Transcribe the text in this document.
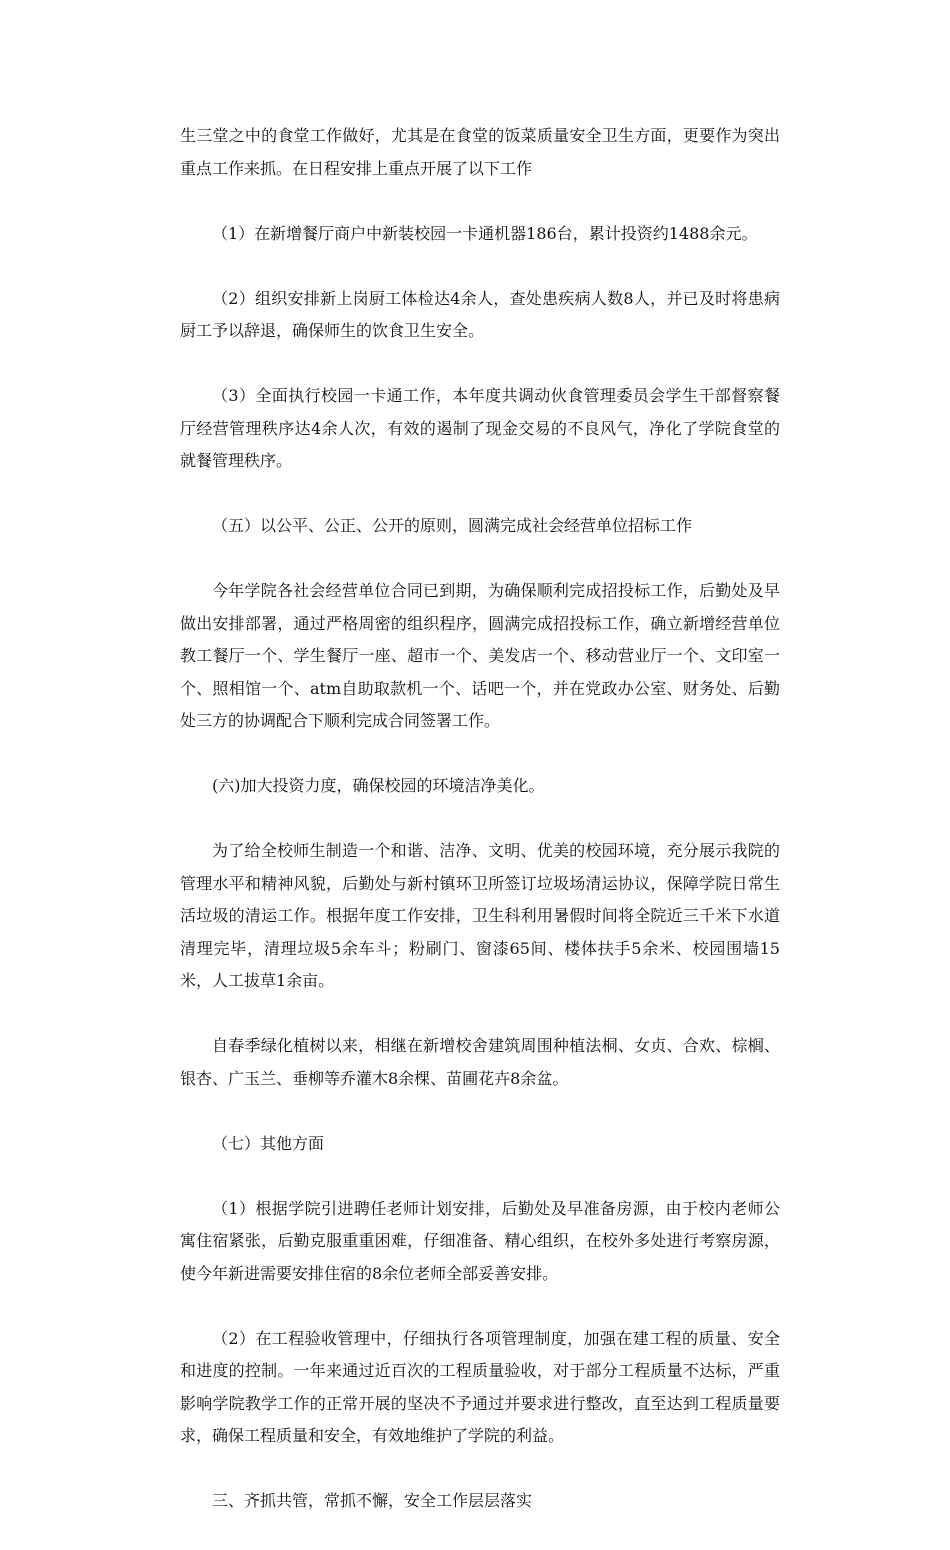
生三堂之中的食堂工作做好，尤其是在食堂的饭菜质量安全卫生方面，更要作为突出重点工作来抓。在日程安排上重点开展了以下工作

（1）在新增餐厅商户中新装校园一卡通机器186台，累计投资约1488余元。

（2）组织安排新上岗厨工体检达4余人，查处患疾病人数8人，并已及时将患病厨工予以辞退，确保师生的饮食卫生安全。

（3）全面执行校园一卡通工作，本年度共调动伙食管理委员会学生干部督察餐厅经营管理秩序达4余人次，有效的遏制了现金交易的不良风气，净化了学院食堂的就餐管理秩序。

（五）以公平、公正、公开的原则，圆满完成社会经营单位招标工作

今年学院各社会经营单位合同已到期，为确保顺利完成招投标工作，后勤处及早做出安排部署，通过严格周密的组织程序，圆满完成招投标工作，确立新增经营单位教工餐厅一个、学生餐厅一座、超市一个、美发店一个、移动营业厅一个、文印室一个、照相馆一个、atm自助取款机一个、话吧一个，并在党政办公室、财务处、后勤处三方的协调配合下顺利完成合同签署工作。

(六)加大投资力度，确保校园的环境洁净美化。

为了给全校师生制造一个和谐、洁净、文明、优美的校园环境，充分展示我院的管理水平和精神风貌，后勤处与新村镇环卫所签订垃圾场清运协议，保障学院日常生活垃圾的清运工作。根据年度工作安排，卫生科利用暑假时间将全院近三千米下水道清理完毕，清理垃圾5余车斗；粉刷门、窗漆65间、楼体扶手5余米、校园围墙15米，人工拔草1余亩。

自春季绿化植树以来，相继在新增校舍建筑周围种植法桐、女贞、合欢、棕榈、银杏、广玉兰、垂柳等乔灌木8余棵、苗圃花卉8余盆。

（七）其他方面

（1）根据学院引进聘任老师计划安排，后勤处及早准备房源，由于校内老师公寓住宿紧张，后勤克服重重困难，仔细准备、精心组织，在校外多处进行考察房源，使今年新进需要安排住宿的8余位老师全部妥善安排。

（2）在工程验收管理中，仔细执行各项管理制度，加强在建工程的质量、安全和进度的控制。一年来通过近百次的工程质量验收，对于部分工程质量不达标，严重影响学院教学工作的正常开展的坚决不予通过并要求进行整改，直至达到工程质量要求，确保工程质量和安全，有效地维护了学院的利益。

三、齐抓共管，常抓不懈，安全工作层层落实
